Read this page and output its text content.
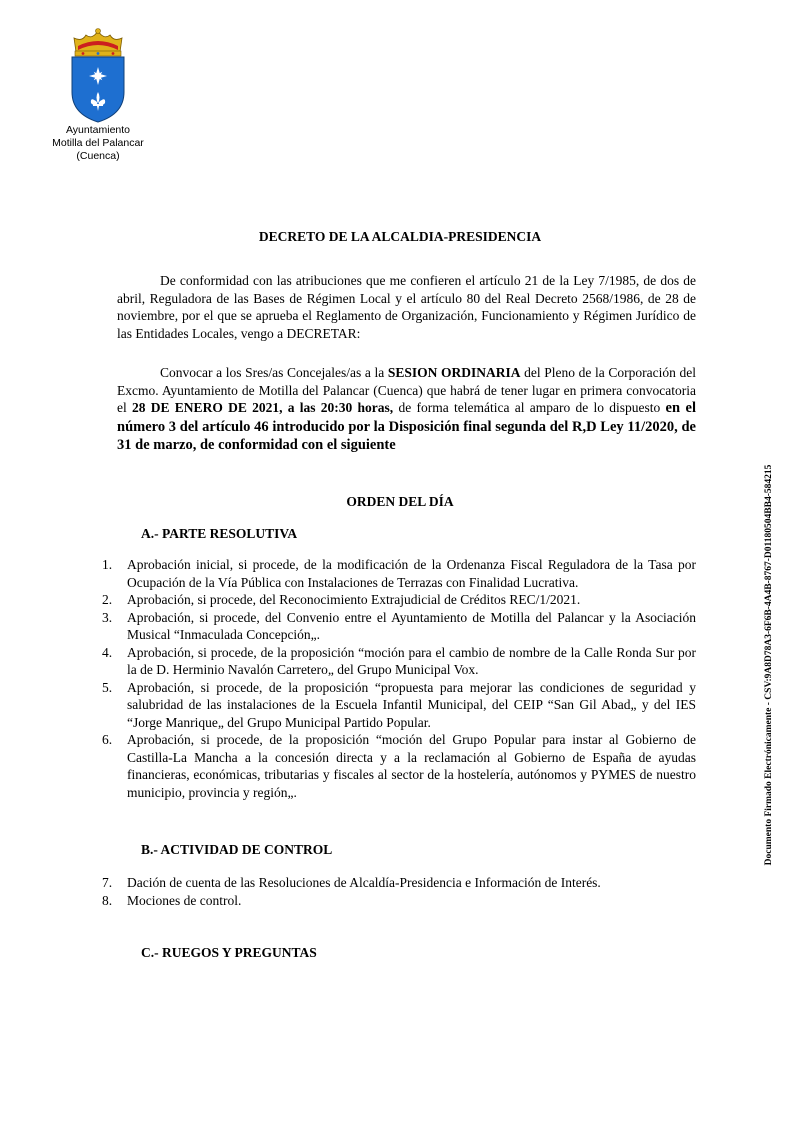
Ayuntamiento
Motilla del Palancar
(Cuenca)
DECRETO DE LA ALCALDIA-PRESIDENCIA
De conformidad con las atribuciones que me confieren el artículo 21 de la Ley 7/1985, de dos de abril, Reguladora de las Bases de Régimen Local y el artículo 80 del Real Decreto 2568/1986, de 28 de noviembre, por el que se aprueba el Reglamento de Organización, Funcionamiento y Régimen Jurídico de las Entidades Locales, vengo a DECRETAR:
Convocar a los Sres/as Concejales/as a la SESION ORDINARIA del Pleno de la Corporación del Excmo. Ayuntamiento de Motilla del Palancar (Cuenca) que habrá de tener lugar en primera convocatoria el 28 DE ENERO DE 2021, a las 20:30 horas, de forma telemática al amparo de lo dispuesto en el número 3 del artículo 46 introducido por la Disposición final segunda del R,D Ley 11/2020, de 31 de marzo, de conformidad con el siguiente
ORDEN DEL DÍA
A.- PARTE RESOLUTIVA
1. Aprobación inicial, si procede, de la modificación de la Ordenanza Fiscal Reguladora de la Tasa por Ocupación de la Vía Pública con Instalaciones de Terrazas con Finalidad Lucrativa.
2. Aprobación, si procede, del Reconocimiento Extrajudicial de Créditos REC/1/2021.
3. Aprobación, si procede, del Convenio entre el Ayuntamiento de Motilla del Palancar y la Asociación Musical “Inmaculada Concepción„.
4. Aprobación, si procede, de la proposición “moción para el cambio de nombre de la Calle Ronda Sur por la de D. Herminio Navalón Carretero„ del Grupo Municipal Vox.
5. Aprobación, si procede, de la proposición “propuesta para mejorar las condiciones de seguridad y salubridad de las instalaciones de la Escuela Infantil Municipal, del CEIP “San Gil Abad„ y del IES “Jorge Manrique„ del Grupo Municipal Partido Popular.
6. Aprobación, si procede, de la proposición “moción del Grupo Popular para instar al Gobierno de Castilla-La Mancha a la concesión directa y a la reclamación al Gobierno de España de ayudas financieras, económicas, tributarias y fiscales al sector de la hostelería, autónomos y PYMES de nuestro municipio, provincia y región„.
B.- ACTIVIDAD DE CONTROL
7. Dación de cuenta de las Resoluciones de Alcaldía-Presidencia e Información de Interés.
8. Mociones de control.
C.- RUEGOS Y PREGUNTAS
Documento Firmado Electrónicamente - CSV:9A8D78A3-6F6B-4A4B-8767-D01180504BB4-584215
